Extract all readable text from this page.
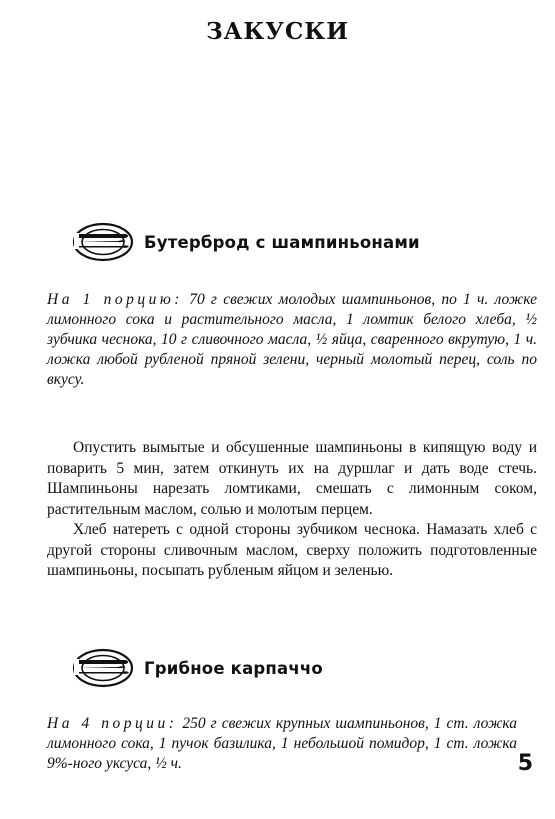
ЗАКУСКИ
Бутерброд с шампиньонами
На 1 порцию: 70 г свежих молодых шампиньонов, по 1 ч. ложке лимонного сока и растительного масла, 1 ломтик белого хлеба, ½ зубчика чеснока, 10 г сливочного масла, ½ яйца, сваренного вкрутую, 1 ч. ложка любой рубленой пряной зелени, черный молотый перец, соль по вкусу.

Опустить вымытые и обсушенные шампиньоны в кипящую воду и поварить 5 мин, затем откинуть их на дуршлаг и дать воде стечь. Шампиньоны нарезать ломтиками, смешать с лимонным соком, растительным маслом, солью и молотым перцем.

Хлеб натереть с одной стороны зубчиком чеснока. Намазать хлеб с другой стороны сливочным маслом, сверху положить подготовленные шампиньоны, посыпать рубленым яйцом и зеленью.

Грибное карпаччо
На 4 порции: 250 г свежих крупных шампиньонов, 1 ст. ложка лимонного сока, 1 пучок базилика, 1 небольшой помидор, 1 ст. ложка 9%-ного уксуса, ½ ч.	5
